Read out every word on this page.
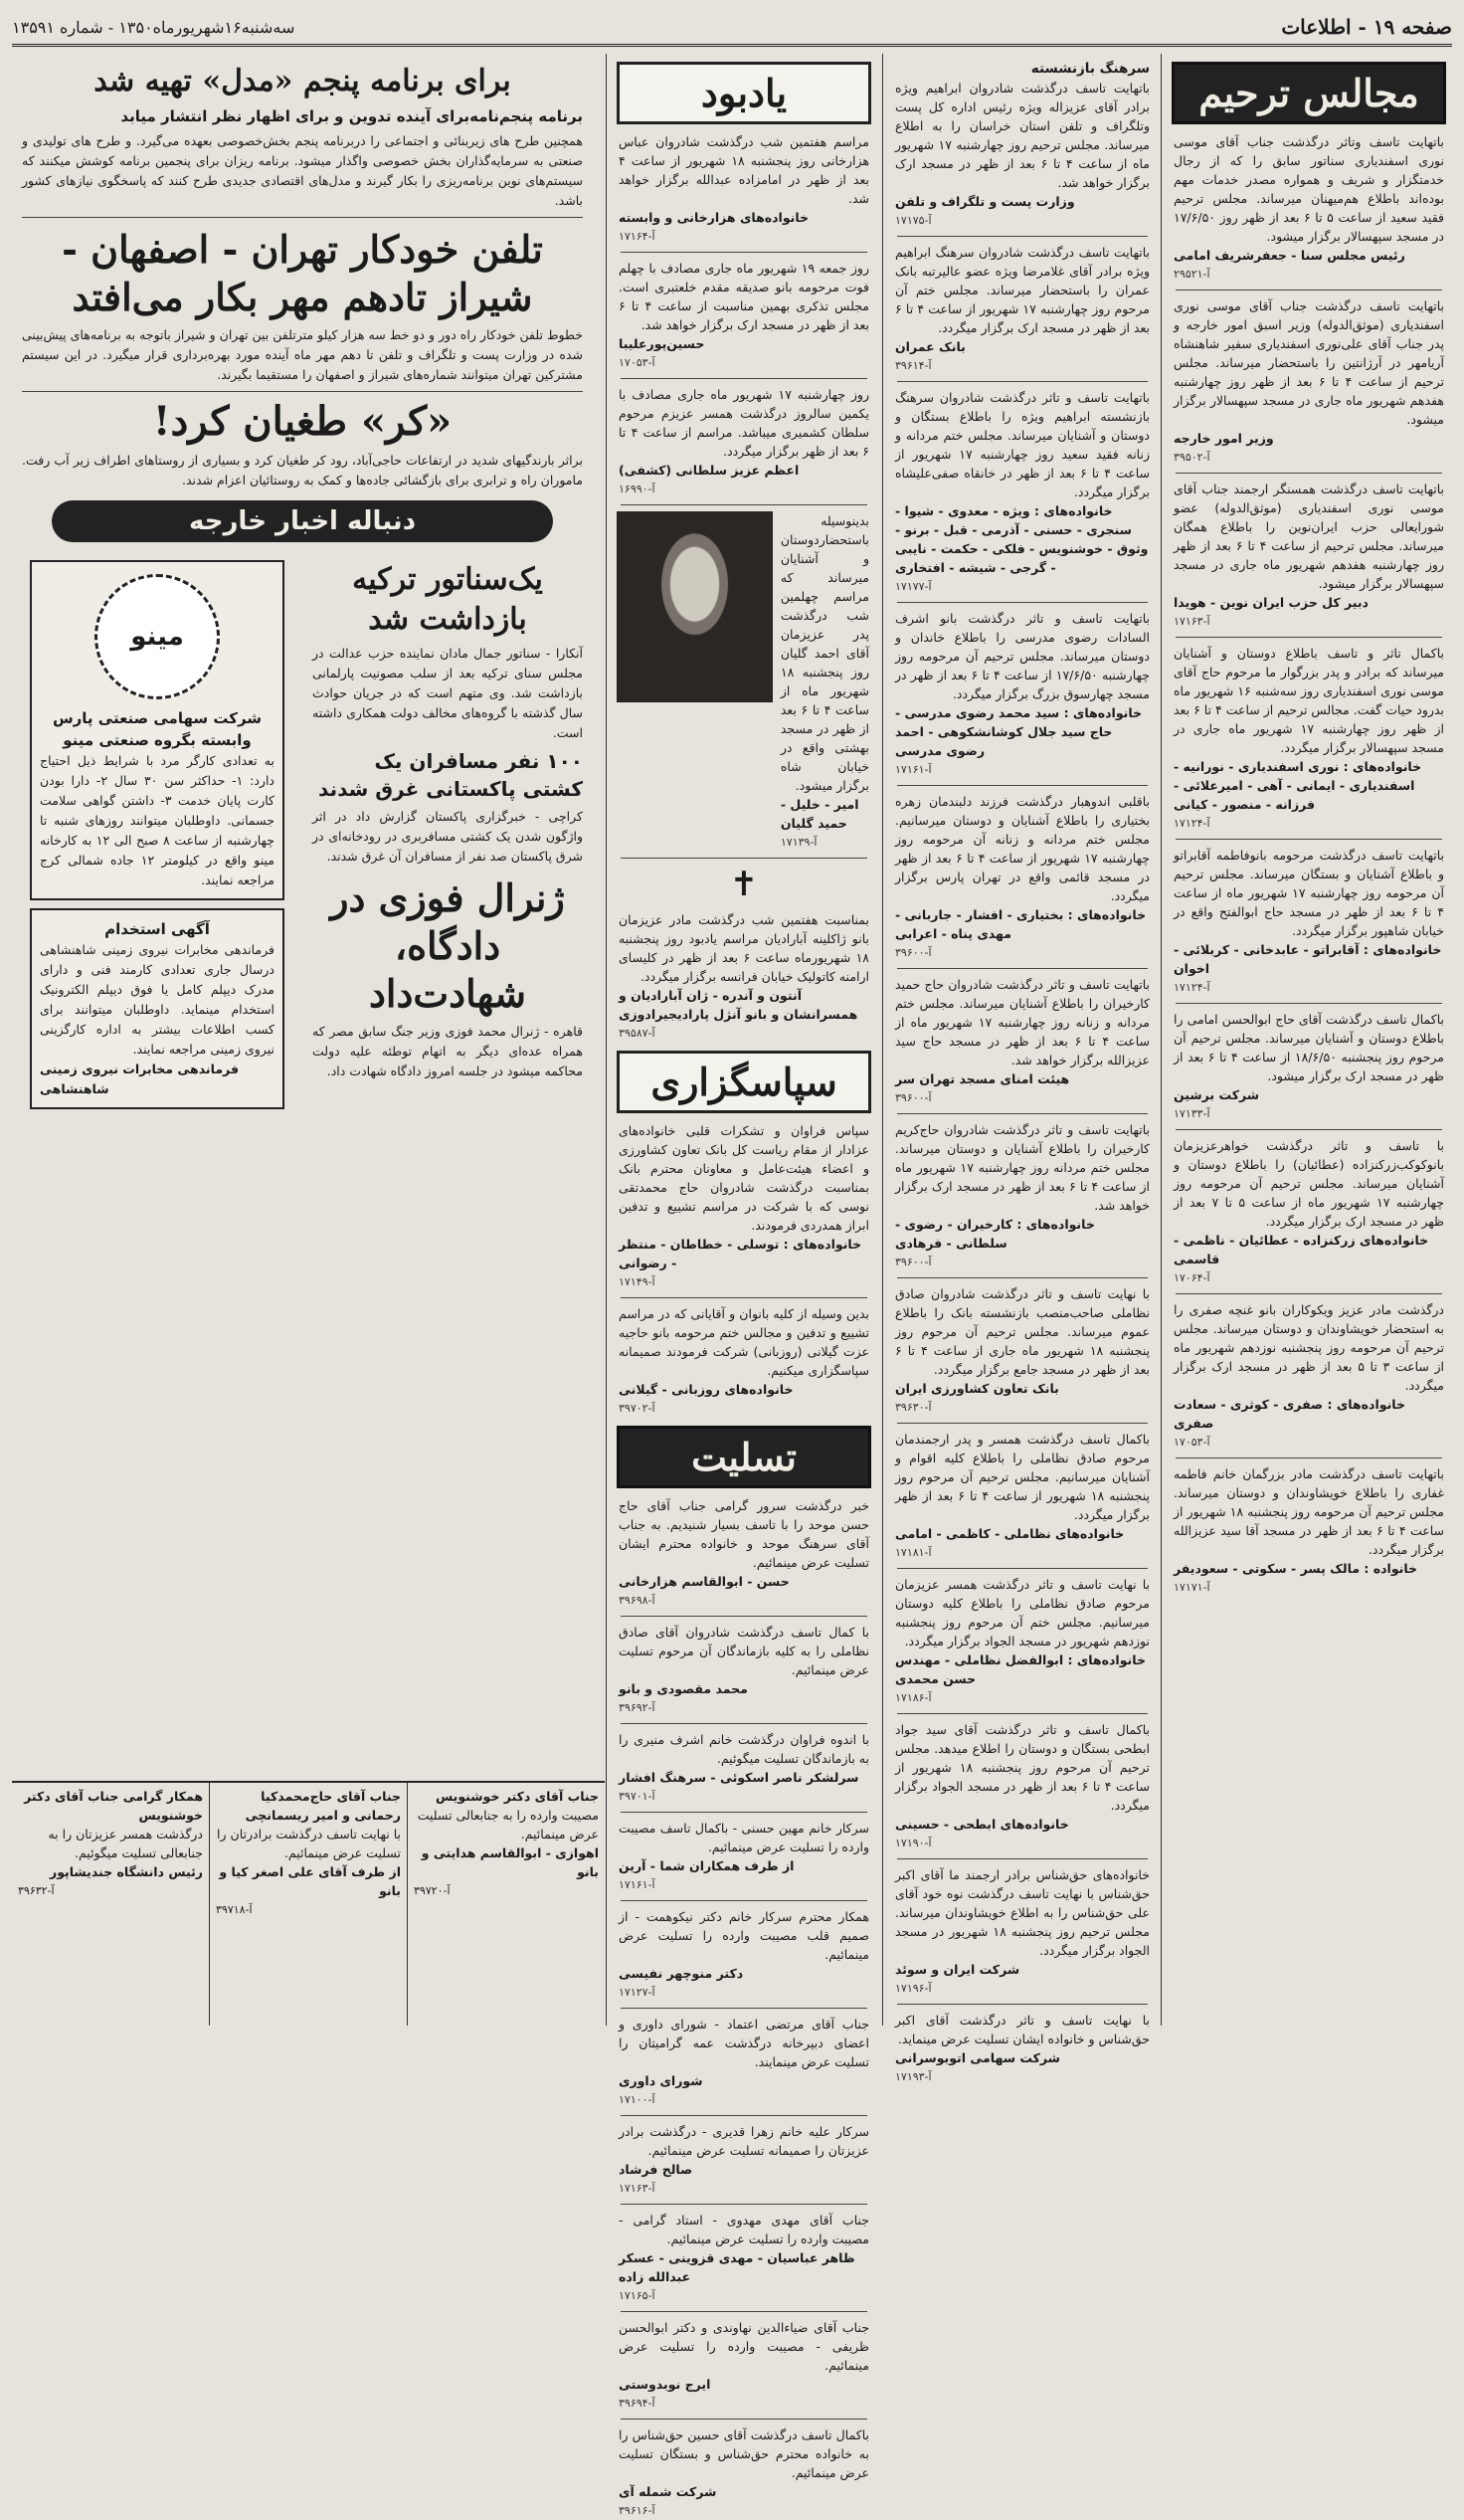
صفحه ۱۹ - اطلاعات
سه‌شنبه۱۶شهریورماه۱۳۵۰ - شماره ۱۳۵۹۱
مجالس ترحیم
باتهایت تاسف وتاثر درگذشت جناب آقای موسی نوری اسفندیاری سناتور سابق را که از رجال خدمتگزار و شریف و همواره مصدر خدمات مهم بوده‌اند باطلاع هم‌میهنان میرساند. مجلس ترحیم فقید سعید از ساعت ۵ تا ۶ بعد از ظهر روز ۱۷/۶/۵۰ در مسجد سپهسالار برگزار میشود.
رئیس مجلس سنا - جعفرشریف امامی
آ-۲۹۵۲۱
باتهایت تاسف درگذشت جناب آقای موسی نوری اسفندیاری (موثق‌الدوله) وزیر اسبق امور خارجه و پدر جناب آقای علی‌نوری اسفندیاری سفیر شاهنشاه آریامهر در آرژانتین را باستحضار میرساند. مجلس ترحیم از ساعت ۴ تا ۶ بعد از ظهر روز چهارشنبه هفدهم شهریور ماه جاری در مسجد سپهسالار برگزار میشود.
وزیر امور خارجه
آ-۳۹۵۰۲
باتهایت تاسف درگذشت همسنگر ارجمند جناب آقای موسی نوری اسفندیاری (موثق‌الدوله) عضو شورایعالی حزب ایران‌نوین را باطلاع همگان میرساند. مجلس ترحیم از ساعت ۴ تا ۶ بعد از ظهر روز چهارشنبه هفدهم شهریور ماه جاری در مسجد سپهسالار برگزار میشود.
دبیر کل حزب ایران نوین - هویدا
آ-۱۷۱۶۳
باکمال تاثر و تاسف باطلاع دوستان و آشنایان میرساند که برادر و پدر بزرگوار ما مرحوم حاج آقای موسی نوری اسفندیاری روز سه‌شنبه ۱۶ شهریور ماه بدرود حیات گفت. مجالس ترحیم از ساعت ۴ تا ۶ بعد از ظهر روز چهارشنبه ۱۷ شهریور ماه جاری در مسجد سپهسالار برگزار میگردد.
خانواده‌های : نوری اسفندیاری - نورانیه - اسفندیاری - ایمانی - آهی - امیرعلائی - فرزانه - منصور - کیانی
آ-۱۷۱۲۴
باتهایت تاسف درگذشت مرحومه بانوفاطمه آقابراتو و باطلاع آشنایان و بستگان میرساند. مجلس ترحیم آن مرحومه روز چهارشنبه ۱۷ شهریور ماه از ساعت ۴ تا ۶ بعد از ظهر در مسجد حاج ابوالفتح واقع در خیابان شاهپور برگزار میگردد.
خانواده‌های : آقابراتو - عابدخانی - کربلائی - اخوان
آ-۱۷۱۲۴
باکمال تاسف درگذشت آقای حاج ابوالحسن امامی را باطلاع دوستان و آشنایان میرساند. مجلس ترحیم آن مرحوم روز پنجشنبه ۱۸/۶/۵۰ از ساعت ۴ تا ۶ بعد از ظهر در مسجد ارک برگزار میشود.
شرکت برشین
آ-۱۷۱۳۳
با تاسف و تاثر درگذشت خواهرعزیزمان بانوکوکب‌زرکنزاده (عطائیان) را باطلاع دوستان و آشنایان میرساند. مجلس ترحیم آن مرحومه روز چهارشنبه ۱۷ شهریور ماه از ساعت ۵ تا ۷ بعد از ظهر در مسجد ارک برگزار میگردد.
خانواده‌های زرکنزاده - عطائیان - ناظمی - قاسمی
آ-۱۷۰۶۴
درگذشت مادر عزیز ویکوکاران بانو غنچه صفری را به استحضار خویشاوندان و دوستان میرساند. مجلس ترحیم آن مرحومه روز پنجشنبه نوزدهم شهریور ماه از ساعت ۳ تا ۵ بعد از ظهر در مسجد ارک برگزار میگردد.
خانواده‌های : صفری - کوثری - سعادت صفری
آ-۱۷۰۵۳
باتهایت تاسف درگذشت مادر بزرگمان خانم فاطمه غفاری را باطلاع خویشاوندان و دوستان میرساند. مجلس ترحیم آن مرحومه روز پنجشنبه ۱۸ شهریور از ساعت ۴ تا ۶ بعد از ظهر در مسجد آقا سید عزیزالله برگزار میگردد.
خانواده : مالک پسر - سکوتی - سعودیفر
آ-۱۷۱۷۱
سرهنگ بازنشسته
باتهایت تاسف درگذشت شادروان ابراهیم ویژه برادر آقای عزیزاله ویژه رئیس اداره کل پست وتلگراف و تلفن استان خراسان را به اطلاع میرساند. مجلس ترحیم روز چهارشنبه ۱۷ شهریور ماه از ساعت ۴ تا ۶ بعد از ظهر در مسجد ارک برگزار خواهد شد.
وزارت پست و تلگراف و تلفن
آ-۱۷۱۷۵
باتهایت تاسف درگذشت شادروان سرهنگ ابراهیم ویژه برادر آقای غلامرضا ویژه عضو عالیرتبه بانک عمران را باستحضار میرساند. مجلس ختم آن مرحوم روز چهارشنبه ۱۷ شهریور از ساعت ۴ تا ۶ بعد از ظهر در مسجد ارک برگزار میگردد.
بانک عمران
آ-۳۹۶۱۴
باتهایت تاسف و تاثر درگذشت شادروان سرهنگ بازنشسته ابراهیم ویژه را باطلاع بستگان و دوستان و آشنایان میرساند. مجلس ختم مردانه و زنانه فقید سعید روز چهارشنبه ۱۷ شهریور از ساعت ۴ تا ۶ بعد از ظهر در خانقاه صفی‌علیشاه برگزار میگردد.
خانواده‌های : ویژه - معدوی - شیوا - سنجری - حسنی - آذرمی - قبل - برنو - وثوق - خوشنویس - فلکی - حکمت - نایبی - گرجی - شیشه - افتخاری
آ-۱۷۱۷۷
باتهایت تاسف و تاثر درگذشت بانو اشرف السادات رضوی مدرسی را باطلاع خاندان و دوستان میرساند. مجلس ترحیم آن مرحومه روز چهارشنبه ۱۷/۶/۵۰ از ساعت ۴ تا ۶ بعد از ظهر در مسجد چهارسوق بزرگ برگزار میگردد.
خانواده‌های : سید محمد رضوی مدرسی - حاج سید جلال کوشانشکوهی - احمد رضوی مدرسی
آ-۱۷۱۶۱
باقلبی اندوهبار درگذشت فرزند دلبندمان زهره بختیاری را باطلاع آشنایان و دوستان میرسانیم. مجلس ختم مردانه و زنانه آن مرحومه روز چهارشنبه ۱۷ شهریور از ساعت ۴ تا ۶ بعد از ظهر در مسجد قائمی واقع در تهران پارس برگزار میگردد.
خانواده‌های : بختیاری - افشار - جاربانی - مهدی پناه - اعرابی
آ-۳۹۶۰۰
باتهایت تاسف و تاثر درگذشت شادروان حاج حمید کارخیران را باطلاع آشنایان میرساند. مجلس ختم مردانه و زنانه روز چهارشنبه ۱۷ شهریور ماه از ساعت ۴ تا ۶ بعد از ظهر در مسجد حاج سید عزیزالله برگزار خواهد شد.
هیئت امنای مسجد تهران سر
آ-۳۹۶۰۰
باتهایت تاسف و تاثر درگذشت شادروان حاج‌کریم کارخیران را باطلاع آشنایان و دوستان میرساند. مجلس ختم مردانه روز چهارشنبه ۱۷ شهریور ماه از ساعت ۴ تا ۶ بعد از ظهر در مسجد ارک برگزار خواهد شد.
خانواده‌های : کارخیران - رضوی - سلطانی - فرهادی
آ-۳۹۶۰۰
با نهایت تاسف و تاثر درگذشت شادروان صادق نظاملی صاحب‌منصب بازنشسته بانک را باطلاع عموم میرساند. مجلس ترحیم آن مرحوم روز پنجشنبه ۱۸ شهریور ماه جاری از ساعت ۴ تا ۶ بعد از ظهر در مسجد جامع برگزار میگردد.
بانک تعاون کشاورزی ایران
آ-۳۹۶۳۰
باکمال تاسف درگذشت همسر و پدر ارجمندمان مرحوم صادق نظاملی را باطلاع کلیه اقوام و آشنایان میرسانیم. مجلس ترحیم آن مرحوم روز پنجشنبه ۱۸ شهریور از ساعت ۴ تا ۶ بعد از ظهر برگزار میگردد.
خانواده‌های نظاملی - کاظمی - امامی
آ-۱۷۱۸۱
با نهایت تاسف و تاثر درگذشت همسر عزیزمان مرحوم صادق نظاملی را باطلاع کلیه دوستان میرسانیم. مجلس ختم آن مرحوم روز پنجشنبه نوزدهم شهریور در مسجد الجواد برگزار میگردد.
خانواده‌های : ابوالفضل نظاملی - مهندس حسن محمدی
آ-۱۷۱۸۶
باکمال تاسف و تاثر درگذشت آقای سید جواد ابطحی بستگان و دوستان را اطلاع میدهد. مجلس ترحیم آن مرحوم روز پنجشنبه ۱۸ شهریور از ساعت ۴ تا ۶ بعد از ظهر در مسجد الجواد برگزار میگردد.
خانواده‌های ابطحی - حسینی
آ-۱۷۱۹۰
خانواده‌های حق‌شناس برادر ارجمند ما آقای اکبر حق‌شناس با نهایت تاسف درگذشت نوه خود آقای علی حق‌شناس را به اطلاع خویشاوندان میرساند. مجلس ترحیم روز پنجشنبه ۱۸ شهریور در مسجد الجواد برگزار میگردد.
شرکت ایران و سوئد
آ-۱۷۱۹۶
با نهایت تاسف و تاثر درگذشت آقای اکبر حق‌شناس و خانواده ایشان تسلیت عرض مینماید.
شرکت سهامی اتوبوسرانی
آ-۱۷۱۹۳
یادبود
مراسم هفتمین شب درگذشت شادروان عباس هزارخانی روز پنجشنبه ۱۸ شهریور از ساعت ۴ بعد از ظهر در امامزاده عبدالله برگزار خواهد شد.
خانواده‌های هزارخانی و وابسته
آ-۱۷۱۶۴
روز جمعه ۱۹ شهریور ماه جاری مصادف با چهلم فوت مرحومه بانو صدیقه مقدم خلعتبری است. مجلس تذکری بهمین مناسبت از ساعت ۴ تا ۶ بعد از ظهر در مسجد ارک برگزار خواهد شد.
حسین‌پورعلیبا
آ-۱۷۰۵۳
روز چهارشنبه ۱۷ شهریور ماه جاری مصادف با یکمین سالروز درگذشت همسر عزیزم مرحوم سلطان کشمیری میباشد. مراسم از ساعت ۴ تا ۶ بعد از ظهر برگزار میگردد.
اعظم عزیز سلطانی (کشفی)
آ-۱۶۹۹۰
بدینوسیله باستحضاردوستان و آشنایان میرساند که مراسم چهلمین شب درگذشت پدر عزیزمان آقای احمد گلیان روز پنجشنبه ۱۸ شهریور ماه از ساعت ۴ تا ۶ بعد از ظهر در مسجد بهشتی واقع در خیابان شاه برگزار میشود.
امیر - خلیل - حمید گلیان
آ-۱۷۱۳۹
✝
بمناسبت هفتمین شب درگذشت مادر عزیزمان بانو ژاکلینه آبارادیان مراسم یادبود روز پنجشنبه ۱۸ شهریورماه ساعت ۶ بعد از ظهر در کلیسای ارامنه کاتولیک خیابان فرانسه برگزار میگردد.
آنتون و آندره - ژان آبارادیان و همسرانشان و بانو آنژل پارادیجیرادوزی
آ-۳۹۵۸۷
سپاسگزاری
سپاس فراوان و تشکرات قلبی خانواده‌های عزادار از مقام ریاست کل بانک تعاون کشاورزی و اعضاء هیئت‌عامل و معاونان محترم بانک بمناسبت درگذشت شادروان حاج محمدتقی نوسی که با شرکت در مراسم تشییع و تدفین ابراز همدردی فرمودند.
خانواده‌های : توسلی - خطاطان - منتظر - رضوانی
آ-۱۷۱۴۹
بدین وسیله از کلیه بانوان و آقایانی که در مراسم تشییع و تدفین و مجالس ختم مرحومه بانو حاجیه عزت گیلانی (روزبانی) شرکت فرمودند صمیمانه سپاسگزاری میکنیم.
خانواده‌های روزبانی - گیلانی
آ-۳۹۷۰۲
تسلیت
خبر درگذشت سرور گرامی جناب آقای حاج حسن موحد را با تاسف بسیار شنیدیم. به جناب آقای سرهنگ موحد و خانواده محترم ایشان تسلیت عرض مینمائیم.
حسن - ابوالقاسم هزارخانی
آ-۳۹۶۹۸
با کمال تاسف درگذشت شادروان آقای صادق نظاملی را به کلیه بازماندگان آن مرحوم تسلیت عرض مینمائیم.
محمد مقصودی و بانو
آ-۳۹۶۹۲
با اندوه فراوان درگذشت خانم اشرف منیری را به بازماندگان تسلیت میگوئیم.
سرلشکر ناصر اسکوئی - سرهنگ افشار
آ-۳۹۷۰۱
سرکار خانم مهین حسنی - باکمال تاسف مصیبت وارده را تسلیت عرض مینمائیم.
از طرف همکاران شما - آرین
آ-۱۷۱۶۱
همکار محترم سرکار خانم دکتر نیکوهمت - از صمیم قلب مصیبت وارده را تسلیت عرض مینمائیم.
دکتر منوچهر نفیسی
آ-۱۷۱۲۷
جناب آقای مرتضی اعتماد - شورای داوری و اعضای دبیرخانه درگذشت عمه گرامیتان را تسلیت عرض مینمایند.
شورای داوری
آ-۱۷۱۰۰
سرکار علیه خانم زهرا قدیری - درگذشت برادر عزیزتان را صمیمانه تسلیت عرض مینمائیم.
صالح فرشاد
آ-۱۷۱۶۳
جناب آقای مهدی مهدوی - استاد گرامی - مصیبت وارده را تسلیت عرض مینمائیم.
ظاهر عباسیان - مهدی قزوینی - عسکر عبدالله زاده
آ-۱۷۱۶۵
جناب آقای ضیاءالدین نهاوندی و دکتر ابوالحسن ظریفی - مصیبت وارده را تسلیت عرض مینمائیم.
ایرج نوبدوستی
آ-۳۹۶۹۴
باکمال تاسف درگذشت آقای حسین حق‌شناس را به خانواده محترم حق‌شناس و بستگان تسلیت عرض مینمائیم.
شرکت شمله آی
آ-۳۹۶۱۶
برای برنامه پنجم «مدل» تهیه شد
برنامه پنجم‌نامه‌برای آینده تدوین و برای اظهار نظر انتشار میابد
همچنین طرح های زیربنائی و اجتماعی را دربرنامه پنجم بخش‌خصوصی بعهده می‌گیرد. و طرح های تولیدی و صنعتی به سرمایه‌گذاران بخش خصوصی واگذار میشود. برنامه ریزان برای پنجمین برنامه کوشش میکنند که سیستم‌های نوین برنامه‌ریزی را بکار گیرند و مدل‌های اقتصادی جدیدی طرح کنند که پاسخگوی نیازهای کشور باشد.
تلفن خودکار تهران - اصفهان - شیراز تادهم مهر بکار می‌افتد
خطوط تلفن خودکار راه دور و دو خط سه هزار کیلو مترتلفن بین تهران و شیراز باتوجه به برنامه‌های پیش‌بینی شده در وزارت پست و تلگراف و تلفن تا دهم مهر ماه آینده مورد بهره‌برداری قرار میگیرد. در این سیستم مشترکین تهران میتوانند شماره‌های شیراز و اصفهان را مستقیما بگیرند.
«کر» طغیان کرد!
براثر بارندگیهای شدید در ارتفاعات حاجی‌آباد، رود کر طغیان کرد و بسیاری از روستاهای اطراف زیر آب رفت. ماموران راه و ترابری برای بازگشائی جاده‌ها و کمک به روستائیان اعزام شدند.
دنباله اخبار خارجه
یک‌سناتور ترکیه بازداشت شد
آنکارا - سناتور جمال مادان نماینده حزب عدالت در مجلس سنای ترکیه بعد از سلب مصونیت پارلمانی بازداشت شد. وی متهم است که در جریان حوادث سال گذشته با گروه‌های مخالف دولت همکاری داشته است.
۱۰۰ نفر مسافران یک کشتی پاکستانی غرق شدند
کراچی - خبرگزاری پاکستان گزارش داد در اثر واژگون شدن یک کشتی مسافربری در رودخانه‌ای در شرق پاکستان صد نفر از مسافران آن غرق شدند.
ژنرال فوزی در دادگاه، شهادت‌داد
قاهره - ژنرال محمد فوزی وزیر جنگ سابق مصر که همراه عده‌ای دیگر به اتهام توطئه علیه دولت محاکمه میشود در جلسه امروز دادگاه شهادت داد.
مینو
شرکت سهامی صنعتی پارس وابسته بگروه صنعتی مینو
به تعدادی کارگر مرد با شرایط ذیل احتیاج دارد: ۱- حداکثر سن ۳۰ سال ۲- دارا بودن کارت پایان خدمت ۳- داشتن گواهی سلامت جسمانی. داوطلبان میتوانند روزهای شنبه تا چهارشنبه از ساعت ۸ صبح الی ۱۲ به کارخانه مینو واقع در کیلومتر ۱۲ جاده شمالی کرج مراجعه نمایند.
آگهی استخدام
فرماندهی مخابرات نیروی زمینی شاهنشاهی درسال جاری تعدادی کارمند فنی و دارای مدرک دیپلم کامل یا فوق دیپلم الکترونیک استخدام مینماید. داوطلبان میتوانند برای کسب اطلاعات بیشتر به اداره کارگزینی نیروی زمینی مراجعه نمایند.
فرماندهی مخابرات نیروی زمینی شاهنشاهی
جناب آقای دکتر خوشنویس
مصیبت وارده را به جنابعالی تسلیت عرض مینمائیم.
اهوازی - ابوالقاسم هدایتی و بانو
آ-۳۹۷۲۰
جناب آقای حاج‌محمدکیا رحمانی و امیر ریسمانچی
با نهایت تاسف درگذشت برادرتان را تسلیت عرض مینمائیم.
از طرف آقای علی اصغر کیا و بانو
آ-۳۹۷۱۸
همکار گرامی جناب آقای دکتر خوشنویس
درگذشت همسر عزیزتان را به جنابعالی تسلیت میگوئیم.
رئیس دانشگاه جندیشاپور
آ-۳۹۶۳۲
